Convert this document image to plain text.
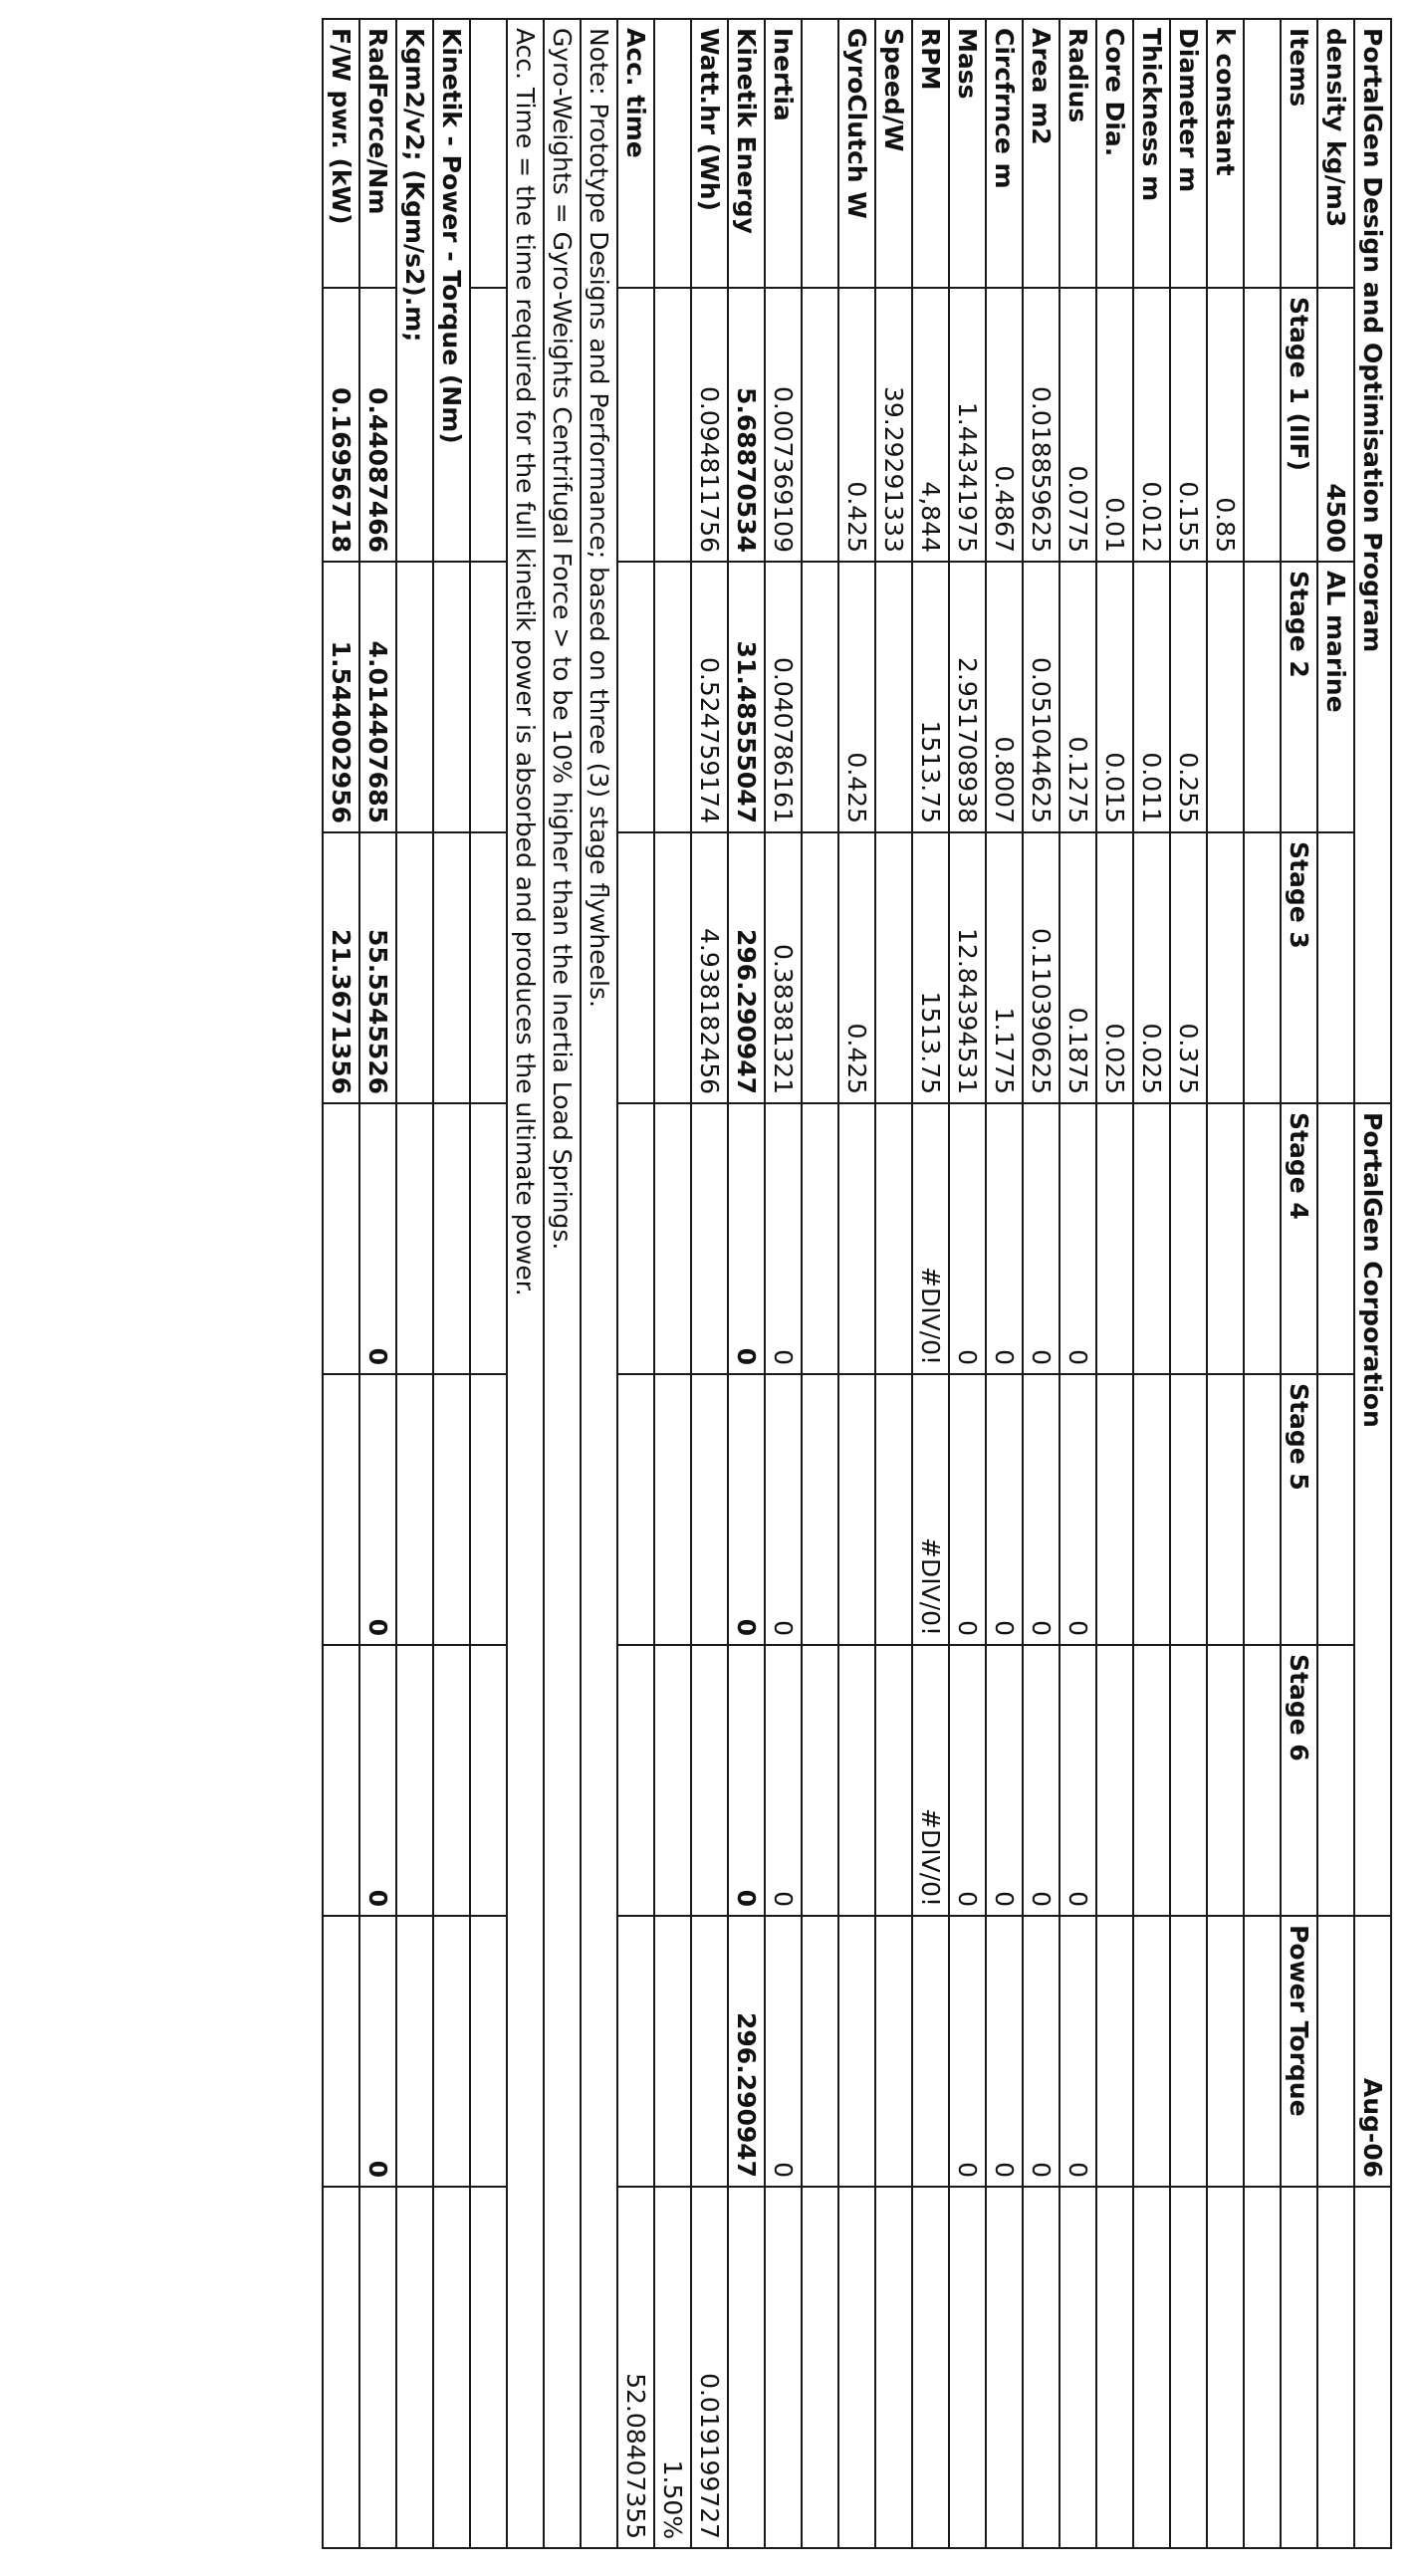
PortalGen Design and Optimisation Program				PortalGen Corporation			Aug-06	
density kg/m3	4500	AL marine						
Items	Stage 1 (IIF)	Stage 2	Stage 3	Stage 4	Stage 5	Stage 6	Power Torque	

k constant	0.85							
Diameter m	0.155	0.255	0.375					
Thickness m	0.012	0.011	0.025					
Core Dia.	0.01	0.015	0.025					
Radius	0.0775	0.1275	0.1875	0	0	0	0	
Area m2	0.018859625	0.051044625	0.110390625	0	0	0	0	
Circfrnce m	0.4867	0.8007	1.1775	0	0	0	0	
Mass	1.44341975	2.951708938	12.84394531	0	0	0	0	
RPM	4,844	1513.75	1513.75	#DIV/0!	#DIV/0!	#DIV/0!		
Speed/W	39.29291333							
GyroClutch W	0.425	0.425	0.425					

Inertia	0.007369109	0.040786161	0.38381321	0	0	0	0	
Kinetik Energy	5.68870534	31.48555047	296.290947	0	0	0	296.290947	
Watt.hr (Wh)	0.094811756	0.524759174	4.938182456					0.019199727
								1.50%
Acc. time								52.08407355
Note: Prototype Designs and Performance; based on three (3) stage flywheels.								
Gyro-Weights = Gyro-Weights Centrifugal Force > to be 10% higher than the Inertia Load Springs.								
Acc. Time = the time required for the full kinetik power is absorbed and produces the ultimate power.								

Kinetik - Power - Torque (Nm)								
Kgm2/v2; (Kgm/s2).m;								
RadForce/Nm	0.44087466	4.014407685	55.5545526	0	0	0	0	
F/W pwr. (kW)	0.16956718	1.544002956	21.3671356					
